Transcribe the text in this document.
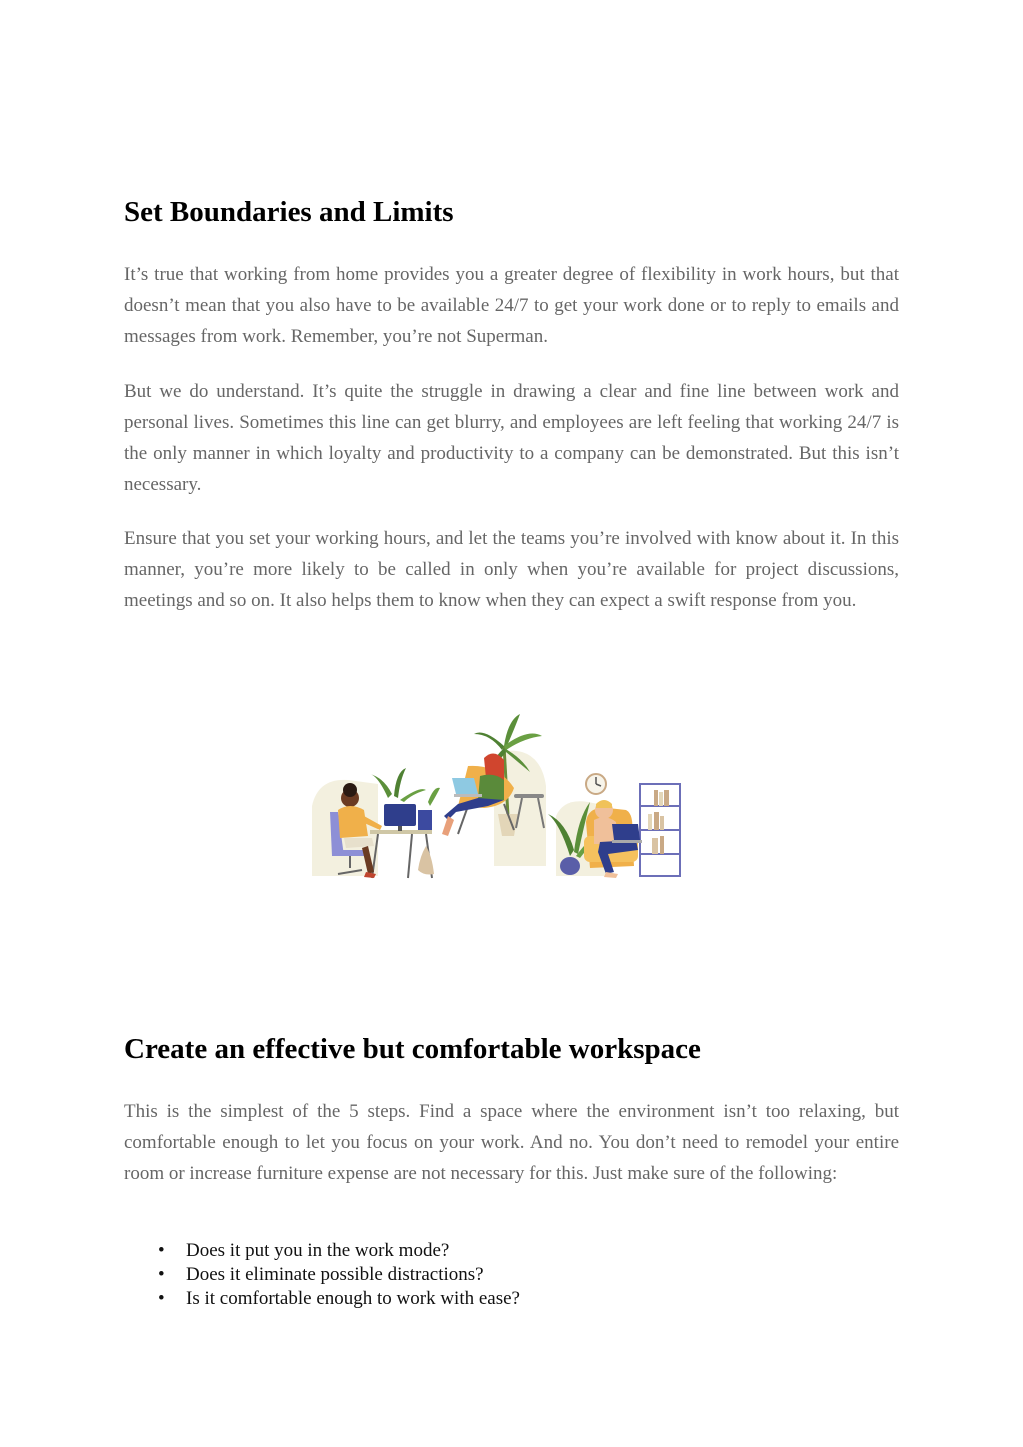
Set Boundaries and Limits

It’s true that working from home provides you a greater degree of flexibility in work hours, but that doesn’t mean that you also have to be available 24/7 to get your work done or to reply to emails and messages from work. Remember, you’re not Superman.

But we do understand. It’s quite the struggle in drawing a clear and fine line between work and personal lives. Sometimes this line can get blurry, and employees are left feeling that working 24/7 is the only manner in which loyalty and productivity to a company can be demonstrated. But this isn’t necessary.

Ensure that you set your working hours, and let the teams you’re involved with know about it. In this manner, you’re more likely to be called in only when you’re available for project discussions, meetings and so on. It also helps them to know when they can expect a swift response from you.

Create an effective but comfortable workspace

This is the simplest of the 5 steps. Find a space where the environment isn’t too relaxing, but comfortable enough to let you focus on your work. And no. You don’t need to remodel your entire room or increase furniture expense are not necessary for this. Just make sure of the following:

• Does it put you in the work mode?
• Does it eliminate possible distractions?
• Is it comfortable enough to work with ease?
